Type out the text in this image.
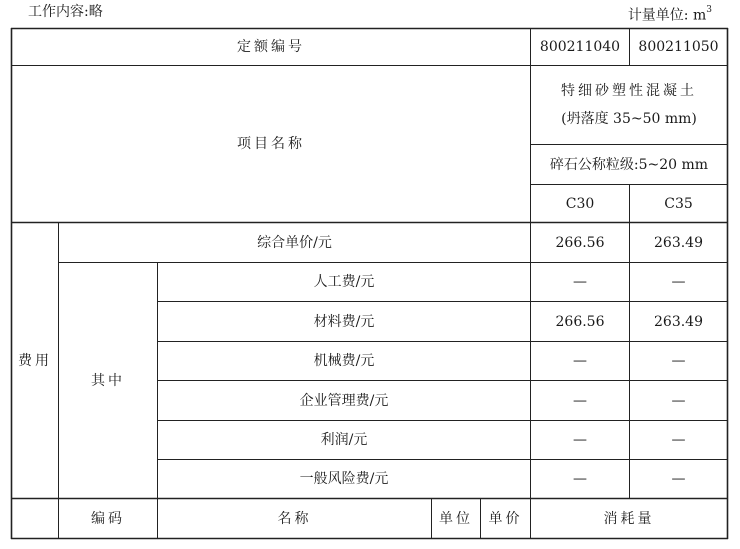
工作内容:略	计量单位: $m^3$
定额编号	800211040	800211050
项目名称
特细砂塑性混凝土
(坍落度 35~50 mm)
碎石公称粒级:5~20 mm
C30	C35
费用
综合单价/元	266.56	263.49
其中
人工费/元	—	—
材料费/元	266.56	263.49
机械费/元	—	—
企业管理费/元	—	—
利润/元	—	—
一般风险费/元	—	—
编码	名称	单位	单价	消耗量
